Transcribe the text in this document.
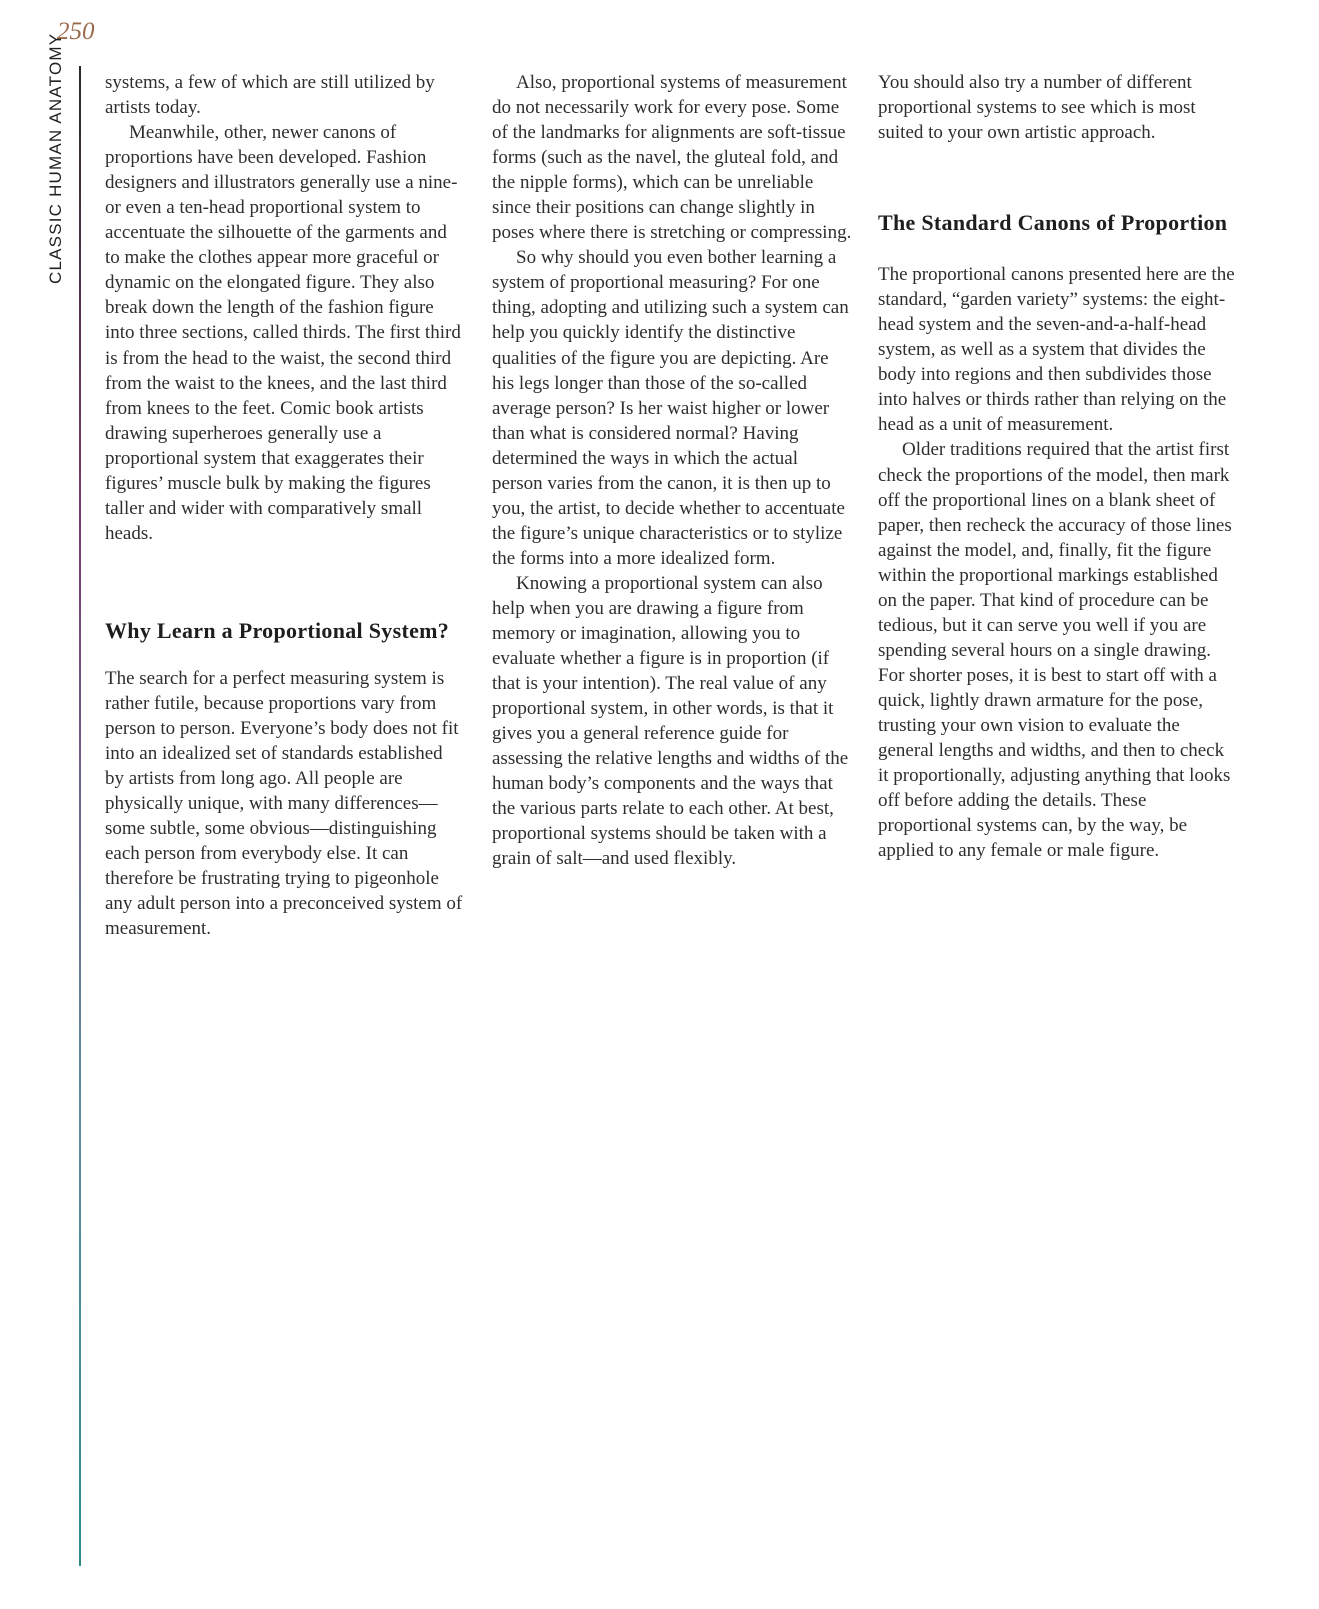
250
CLASSIC HUMAN ANATOMY systems, a few of which are still utilized by artists today.

Meanwhile, other, newer canons of proportions have been developed. Fashion designers and illustrators generally use a nine- or even a ten-head proportional system to accentuate the silhouette of the garments and to make the clothes appear more graceful or dynamic on the elongated figure. They also break down the length of the fashion figure into three sections, called thirds. The first third is from the head to the waist, the second third from the waist to the knees, and the last third from knees to the feet. Comic book artists drawing superheroes generally use a proportional system that exaggerates their figures’ muscle bulk by making the figures taller and wider with comparatively small heads.

Why Learn a Proportional System?

The search for a perfect measuring system is rather futile, because proportions vary from person to person. Everyone’s body does not fit into an idealized set of standards established by artists from long ago. All people are physically unique, with many differences—some subtle, some obvious—distinguishing each person from everybody else. It can therefore be frustrating trying to pigeonhole any adult person into a preconceived system of measurement.

Also, proportional systems of measurement do not necessarily work for every pose. Some of the landmarks for alignments are soft-tissue forms (such as the navel, the gluteal fold, and the nipple forms), which can be unreliable since their positions can change slightly in poses where there is stretching or compressing.

So why should you even bother learning a system of proportional measuring? For one thing, adopting and utilizing such a system can help you quickly identify the distinctive qualities of the figure you are depicting. Are his legs longer than those of the so-called average person? Is her waist higher or lower than what is considered normal? Having determined the ways in which the actual person varies from the canon, it is then up to you, the artist, to decide whether to accentuate the figure’s unique characteristics or to stylize the forms into a more idealized form.

Knowing a proportional system can also help when you are drawing a figure from memory or imagination, allowing you to evaluate whether a figure is in proportion (if that is your intention). The real value of any proportional system, in other words, is that it gives you a general reference guide for assessing the relative lengths and widths of the human body’s components and the ways that the various parts relate to each other. At best, proportional systems should be taken with a grain of salt—and used flexibly.

You should also try a number of different proportional systems to see which is most suited to your own artistic approach.

The Standard Canons of Proportion

The proportional canons presented here are the standard, “garden variety” systems: the eight-head system and the seven-and-a-half-head system, as well as a system that divides the body into regions and then subdivides those into halves or thirds rather than relying on the head as a unit of measurement.

Older traditions required that the artist first check the proportions of the model, then mark off the proportional lines on a blank sheet of paper, then recheck the accuracy of those lines against the model, and, finally, fit the figure within the proportional markings established on the paper. That kind of procedure can be tedious, but it can serve you well if you are spending several hours on a single drawing. For shorter poses, it is best to start off with a quick, lightly drawn armature for the pose, trusting your own vision to evaluate the general lengths and widths, and then to check it proportionally, adjusting anything that looks off before adding the details. These proportional systems can, by the way, be applied to any female or male figure.
